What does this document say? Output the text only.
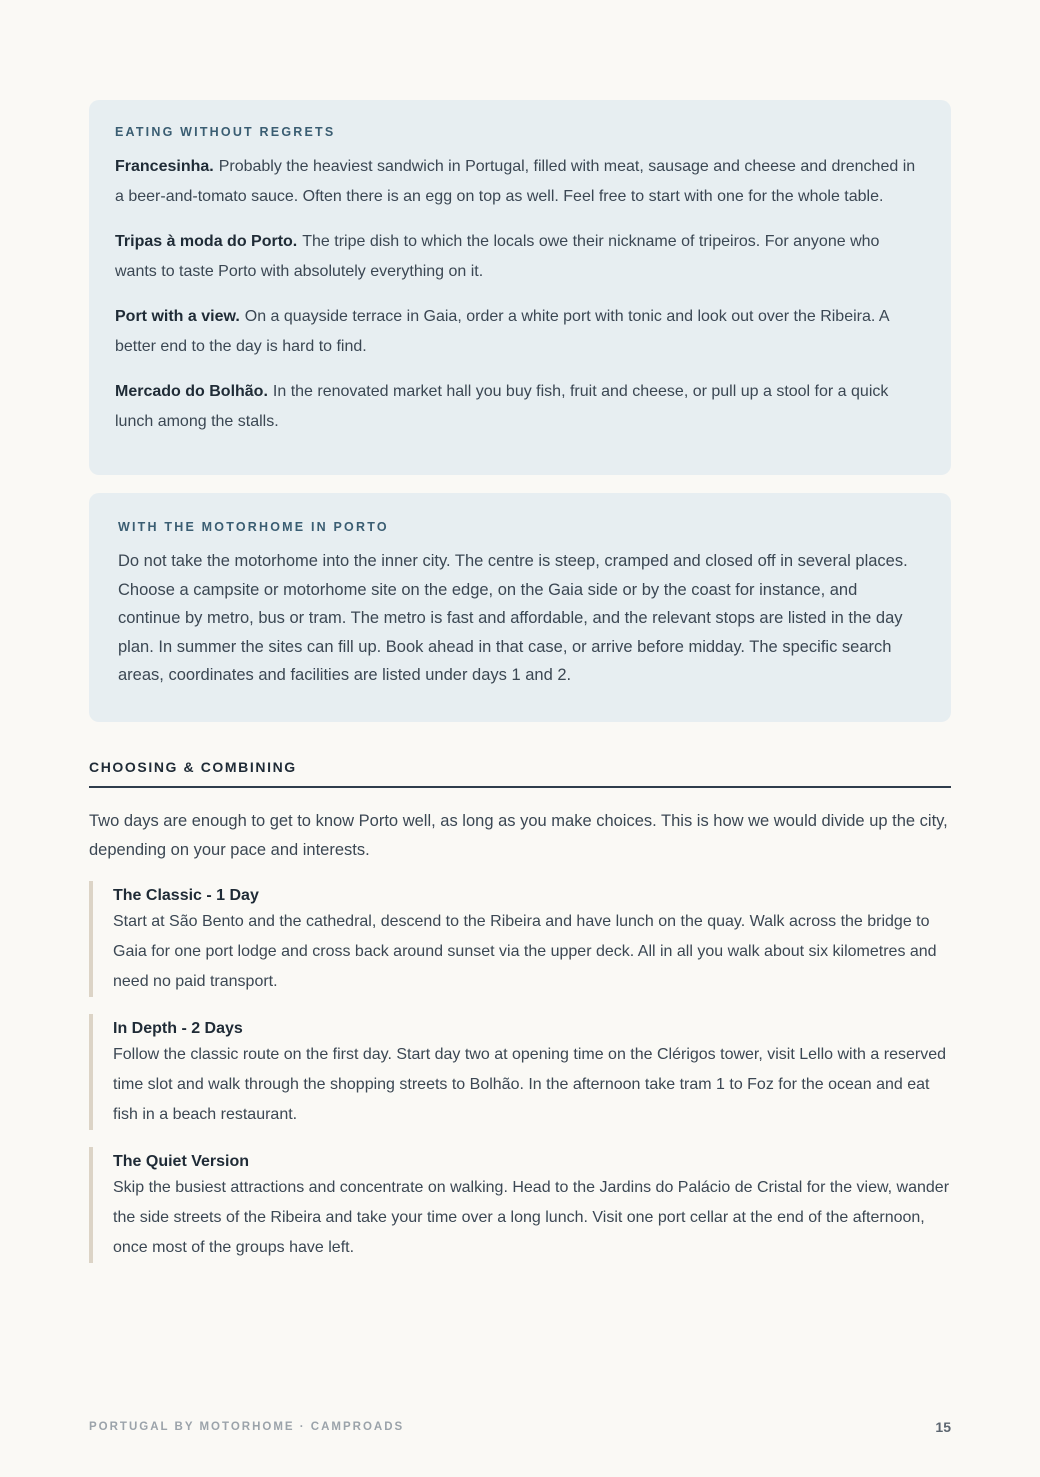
EATING WITHOUT REGRETS

Francesinha. Probably the heaviest sandwich in Portugal, filled with meat, sausage and cheese and drenched in a beer-and-tomato sauce. Often there is an egg on top as well. Feel free to start with one for the whole table.

Tripas à moda do Porto. The tripe dish to which the locals owe their nickname of tripeiros. For anyone who wants to taste Porto with absolutely everything on it.

Port with a view. On a quayside terrace in Gaia, order a white port with tonic and look out over the Ribeira. A better end to the day is hard to find.

Mercado do Bolhão. In the renovated market hall you buy fish, fruit and cheese, or pull up a stool for a quick lunch among the stalls.

WITH THE MOTORHOME IN PORTO

Do not take the motorhome into the inner city. The centre is steep, cramped and closed off in several places. Choose a campsite or motorhome site on the edge, on the Gaia side or by the coast for instance, and continue by metro, bus or tram. The metro is fast and affordable, and the relevant stops are listed in the day plan. In summer the sites can fill up. Book ahead in that case, or arrive before midday. The specific search areas, coordinates and facilities are listed under days 1 and 2.

CHOOSING & COMBINING

Two days are enough to get to know Porto well, as long as you make choices. This is how we would divide up the city, depending on your pace and interests.

The Classic - 1 Day

Start at São Bento and the cathedral, descend to the Ribeira and have lunch on the quay. Walk across the bridge to Gaia for one port lodge and cross back around sunset via the upper deck. All in all you walk about six kilometres and need no paid transport.

In Depth - 2 Days

Follow the classic route on the first day. Start day two at opening time on the Clérigos tower, visit Lello with a reserved time slot and walk through the shopping streets to Bolhão. In the afternoon take tram 1 to Foz for the ocean and eat fish in a beach restaurant.

The Quiet Version

Skip the busiest attractions and concentrate on walking. Head to the Jardins do Palácio de Cristal for the view, wander the side streets of the Ribeira and take your time over a long lunch. Visit one port cellar at the end of the afternoon, once most of the groups have left.

PORTUGAL BY MOTORHOME · CAMPROADS	15
